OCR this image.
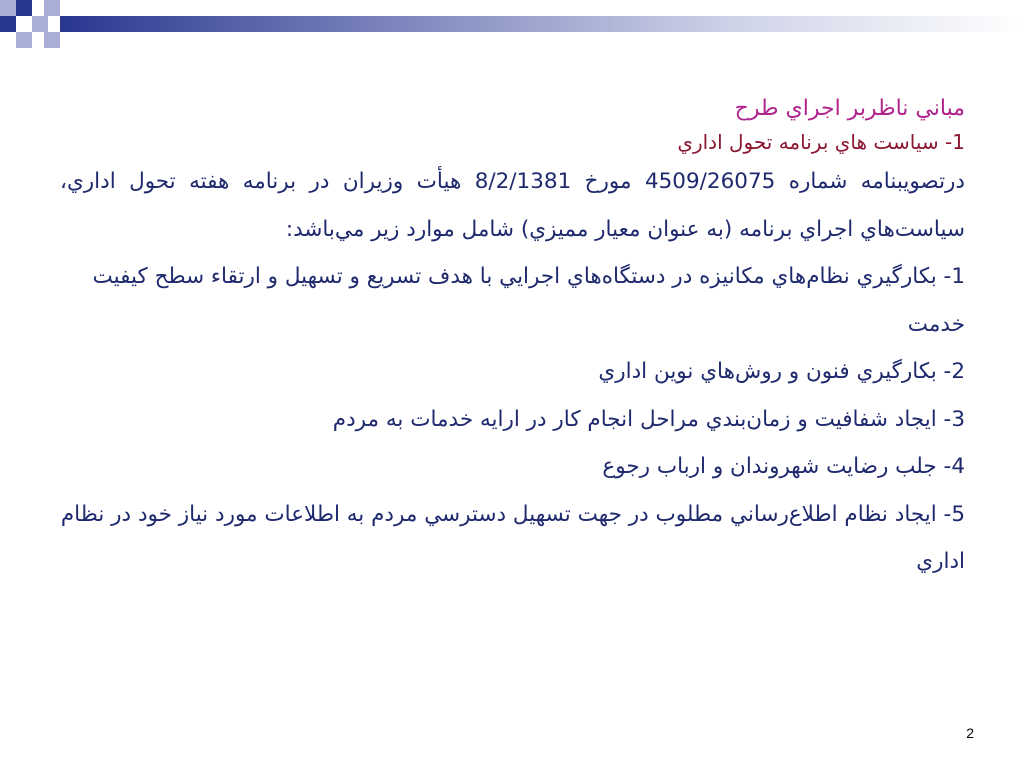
مباني ناظربر اجراي طرح
1- سياست هاي برنامه تحول اداري

درتصويبنامه شماره 4509/26075 مورخ 8/2/1381 هيأت وزيران در برنامه هفته تحول اداري، سياست‌هاي اجراي برنامه (به عنوان معيار مميزي) شامل موارد زير مي‌باشد:

1- بكارگيري نظام‌هاي مكانيزه در دستگاه‌هاي اجرايي با هدف تسريع و تسهيل و ارتقاء سطح كيفيت خدمت

2- بكارگيري فنون و روش‌هاي نوين اداري

3- ايجاد شفافيت و زمان‌بندي مراحل انجام كار در ارايه خدمات به مردم

4- جلب رضايت شهروندان و ارباب رجوع

5- ايجاد نظام اطلاع‌رساني مطلوب در جهت تسهيل دسترسي مردم به اطلاعات مورد نياز خود در نظام اداري

2
